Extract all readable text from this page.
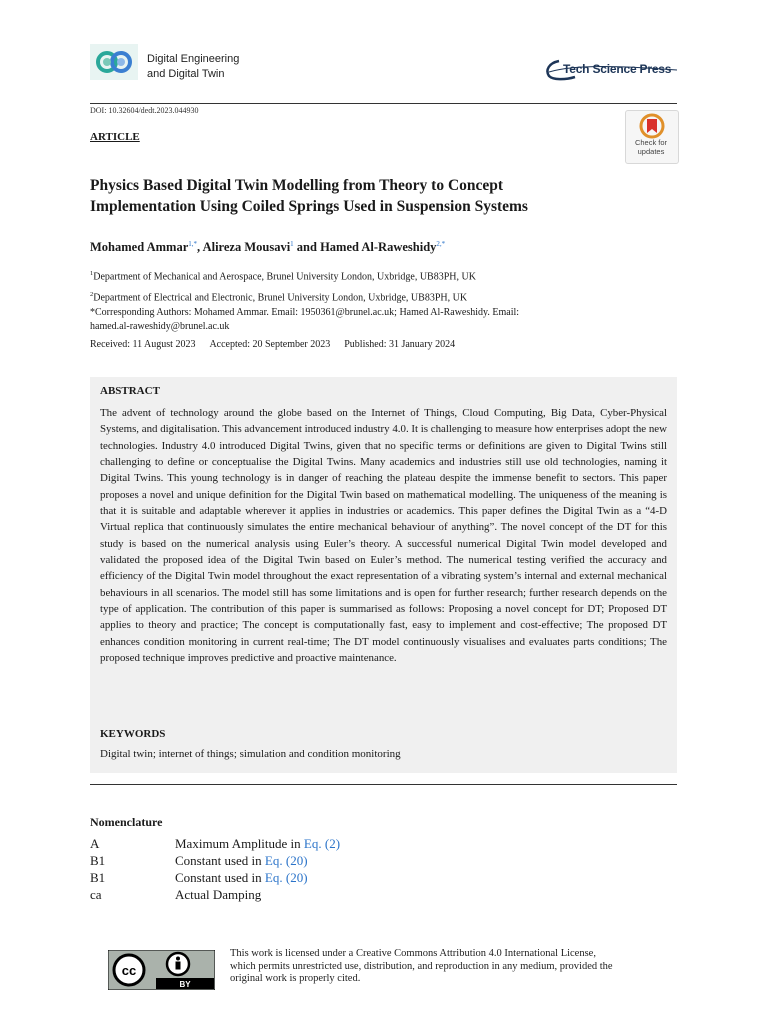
Digital Engineering
and Digital Twin	Tech Science Press
DOI: 10.32604/dedt.2023.044930
ARTICLE	Check for
updates
Physics Based Digital Twin Modelling from Theory to Concept
Implementation Using Coiled Springs Used in Suspension Systems
Mohamed Ammar$^{1,*}$, Alireza Mousavi$^1$ and Hamed Al-Raweshidy$^{2,*}$
$^1$Department of Mechanical and Aerospace, Brunel University London, Uxbridge, UB83PH, UK
$^2$Department of Electrical and Electronic, Brunel University London, Uxbridge, UB83PH, UK
*Corresponding Authors: Mohamed Ammar. Email: 1950361@brunel.ac.uk; Hamed Al-Raweshidy. Email:
hamed.al-raweshidy@brunel.ac.uk
Received: 11 August 2023 Accepted: 20 September 2023 Published: 31 January 2024
ABSTRACT
The advent of technology around the globe based on the Internet of Things, Cloud Computing, Big Data, Cyber-Physical Systems, and digitalisation. This advancement introduced industry 4.0. It is challenging to measure how enterprises adopt the new technologies. Industry 4.0 introduced Digital Twins, given that no specific terms or definitions are given to Digital Twins still challenging to define or conceptualise the Digital Twins. Many academics and industries still use old technologies, naming it Digital Twins. This young technology is in danger of reaching the plateau despite the immense benefit to sectors. This paper proposes a novel and unique definition for the Digital Twin based on mathematical modelling. The uniqueness of the meaning is that it is suitable and adaptable wherever it applies in industries or academics. This paper defines the Digital Twin as a “4-D Virtual replica that continuously simulates the entire mechanical behaviour of anything”. The novel concept of the DT for this study is based on the numerical analysis using Euler’s theory. A successful numerical Digital Twin model developed and validated the proposed idea of the Digital Twin based on Euler’s method. The numerical testing verified the accuracy and efficiency of the Digital Twin model throughout the exact representation of a vibrating system’s internal and external mechanical behaviours in all scenarios. The model still has some limitations and is open for further research; further research depends on the type of application. The contribution of this paper is summarised as follows: Proposing a novel concept for DT; Proposed DT applies to theory and practice; The concept is computationally fast, easy to implement and cost-effective; The proposed DT enhances condition monitoring in current real-time; The DT model continuously visualises and evaluates parts conditions; The proposed technique improves predictive and proactive maintenance.
KEYWORDS
Digital twin; internet of things; simulation and condition monitoring
Nomenclature
A	Maximum Amplitude in Eq. (2)
B1	Constant used in Eq. (20)
B1	Constant used in Eq. (20)
ca	Actual Damping
cc
BY
This work is licensed under a Creative Commons Attribution 4.0 International License,
which permits unrestricted use, distribution, and reproduction in any medium, provided the
original work is properly cited.
